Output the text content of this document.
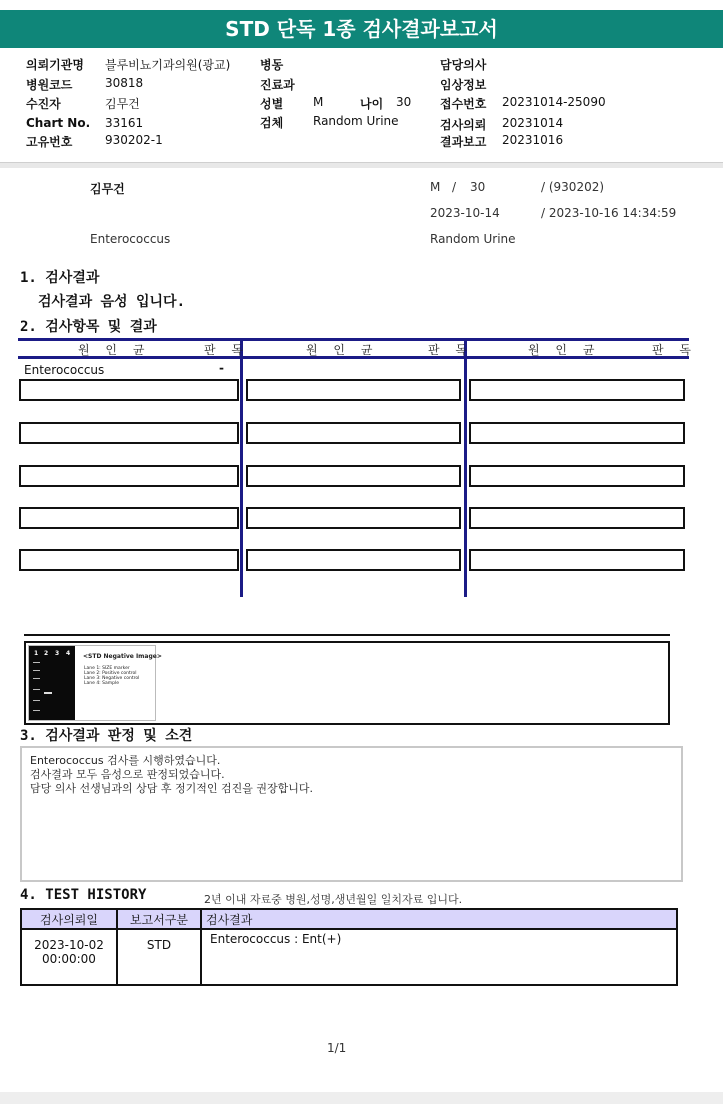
STD 단독 1종 검사결과보고서
의뢰기관명 블루비뇨기과의원(광교)
병원코드	30818
수진자	김무건
Chart No. 33161
고유번호	930202-1
병동
진료과
성별 M	나이 30
검체 Random Urine
담당의사
임상정보
접수번호 20231014-25090
검사의뢰 20231014
결과보고 20231016
김무건	M / 30	/ (930202)
2023-10-14	/ 2023-10-16 14:34:59
Enterococcus	Random Urine
1. 검사결과
검사결과 음성 입니다.
2. 검사항목 및 결과
원 인 균	판 독	원 인 균	판 독	원 인 균	판 독
Enterococcus	-
1 2 3 4 <STD Negative Image>
Lane 1: SIZE marker
Lane 2: Positive control
Lane 3: Negative control
Lane 4: Sample
3. 검사결과 판정 및 소견
Enterococcus 검사를 시행하였습니다.
검사결과 모두 음성으로 판정되었습니다.
담당 의사 선생님과의 상담 후 정기적인 검진을 권장합니다.
4. TEST HISTORY	2년 이내 자료중 병원,성명,생년월일 일치자료 입니다.
검사의뢰일	보고서구분	검사결과

2023-10-02
00:00:00	STD	Enterococcus : Ent(+)
1/1
